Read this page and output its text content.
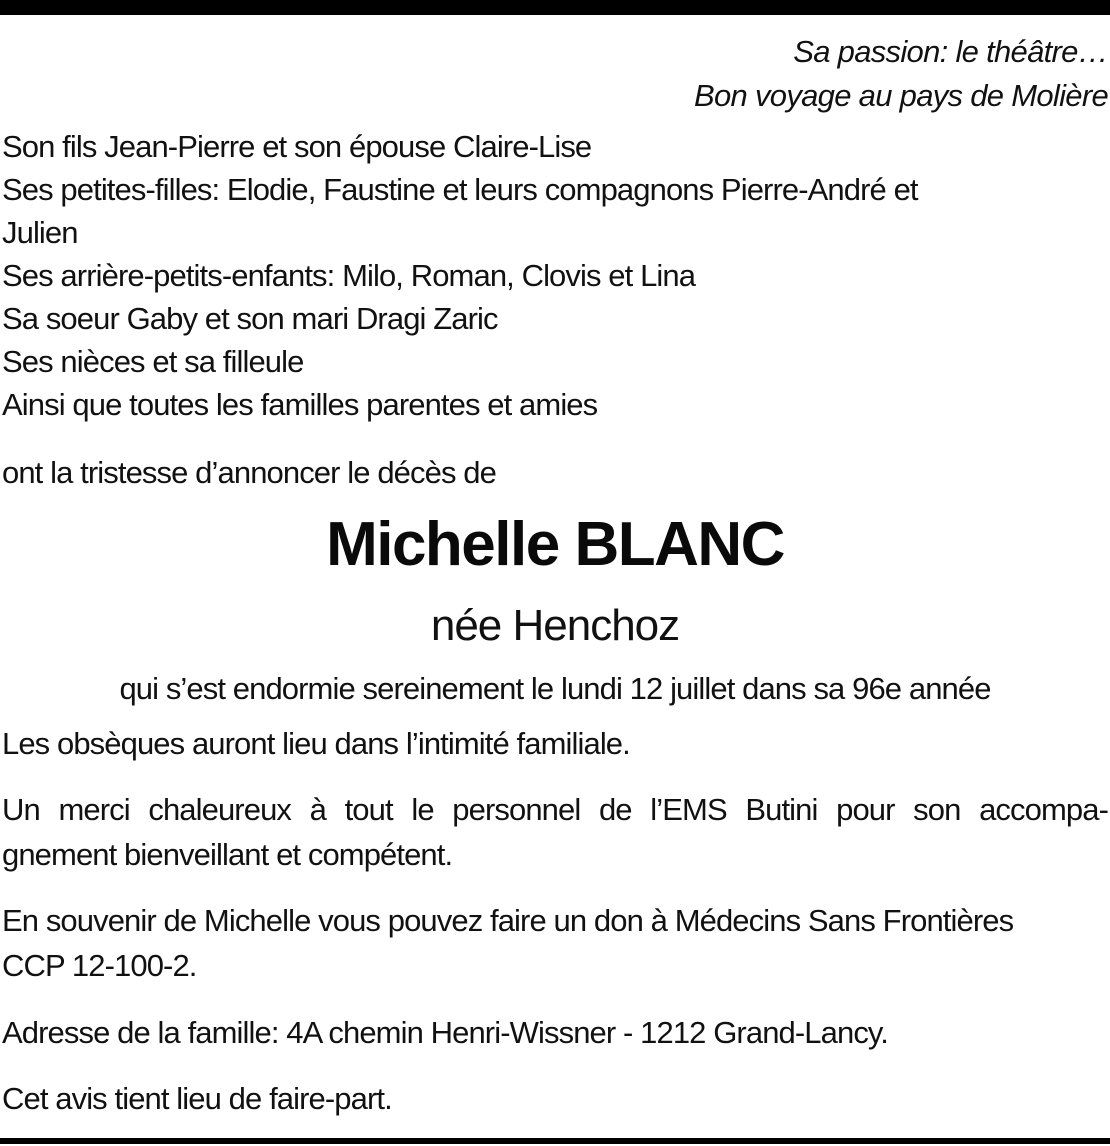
Sa passion: le théâtre…
Bon voyage au pays de Molière
Son fils Jean-Pierre et son épouse Claire-Lise
Ses petites-filles: Elodie, Faustine et leurs compagnons Pierre-André et
Julien
Ses arrière-petits-enfants: Milo, Roman, Clovis et Lina
Sa soeur Gaby et son mari Dragi Zaric
Ses nièces et sa filleule
Ainsi que toutes les familles parentes et amies
ont la tristesse d’annoncer le décès de
Michelle BLANC
née Henchoz
qui s’est endormie sereinement le lundi 12 juillet dans sa 96e année
Les obsèques auront lieu dans l’intimité familiale.
Un merci chaleureux à tout le personnel de l’EMS Butini pour son accompa-
gnement bienveillant et compétent.
En souvenir de Michelle vous pouvez faire un don à Médecins Sans Frontières
CCP 12-100-2.
Adresse de la famille: 4A chemin Henri-Wissner - 1212 Grand-Lancy.
Cet avis tient lieu de faire-part.
